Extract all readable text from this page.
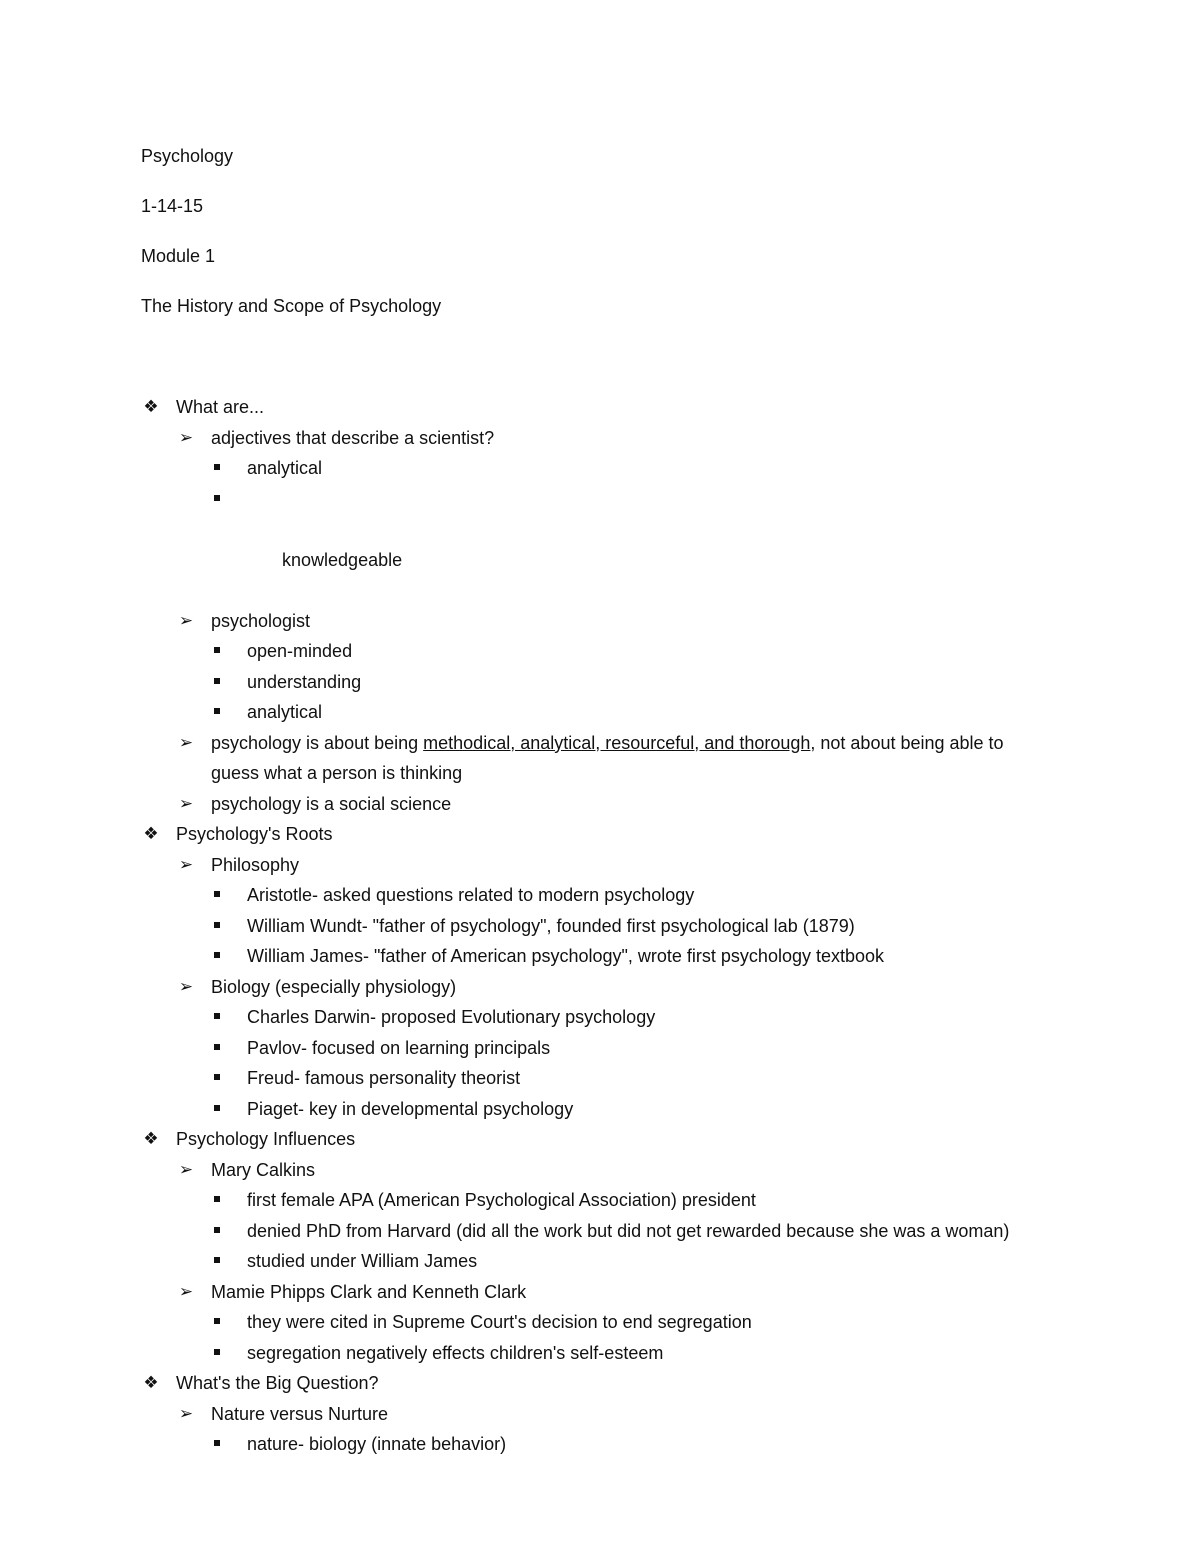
Psychology
1-14-15
Module 1
The History and Scope of Psychology
❖ What are...
➢ adjectives that describe a scientist?
analytical

knowledgeable

➢ psychologist
open-minded
understanding
analytical
➢ psychology is about being methodical, analytical, resourceful, and thorough, not about being able to guess what a person is thinking
➢ psychology is a social science
❖ Psychology's Roots
➢ Philosophy
Aristotle- asked questions related to modern psychology
William Wundt- "father of psychology", founded first psychological lab (1879)
William James- "father of American psychology", wrote first psychology textbook
➢ Biology (especially physiology)
Charles Darwin- proposed Evolutionary psychology
Pavlov- focused on learning principals
Freud- famous personality theorist
Piaget- key in developmental psychology
❖ Psychology Influences
➢ Mary Calkins
first female APA (American Psychological Association) president
denied PhD from Harvard (did all the work but did not get rewarded because she was a woman)
studied under William James
➢ Mamie Phipps Clark and Kenneth Clark
they were cited in Supreme Court's decision to end segregation
segregation negatively effects children's self-esteem
❖ What's the Big Question?
➢ Nature versus Nurture
nature- biology (innate behavior)
